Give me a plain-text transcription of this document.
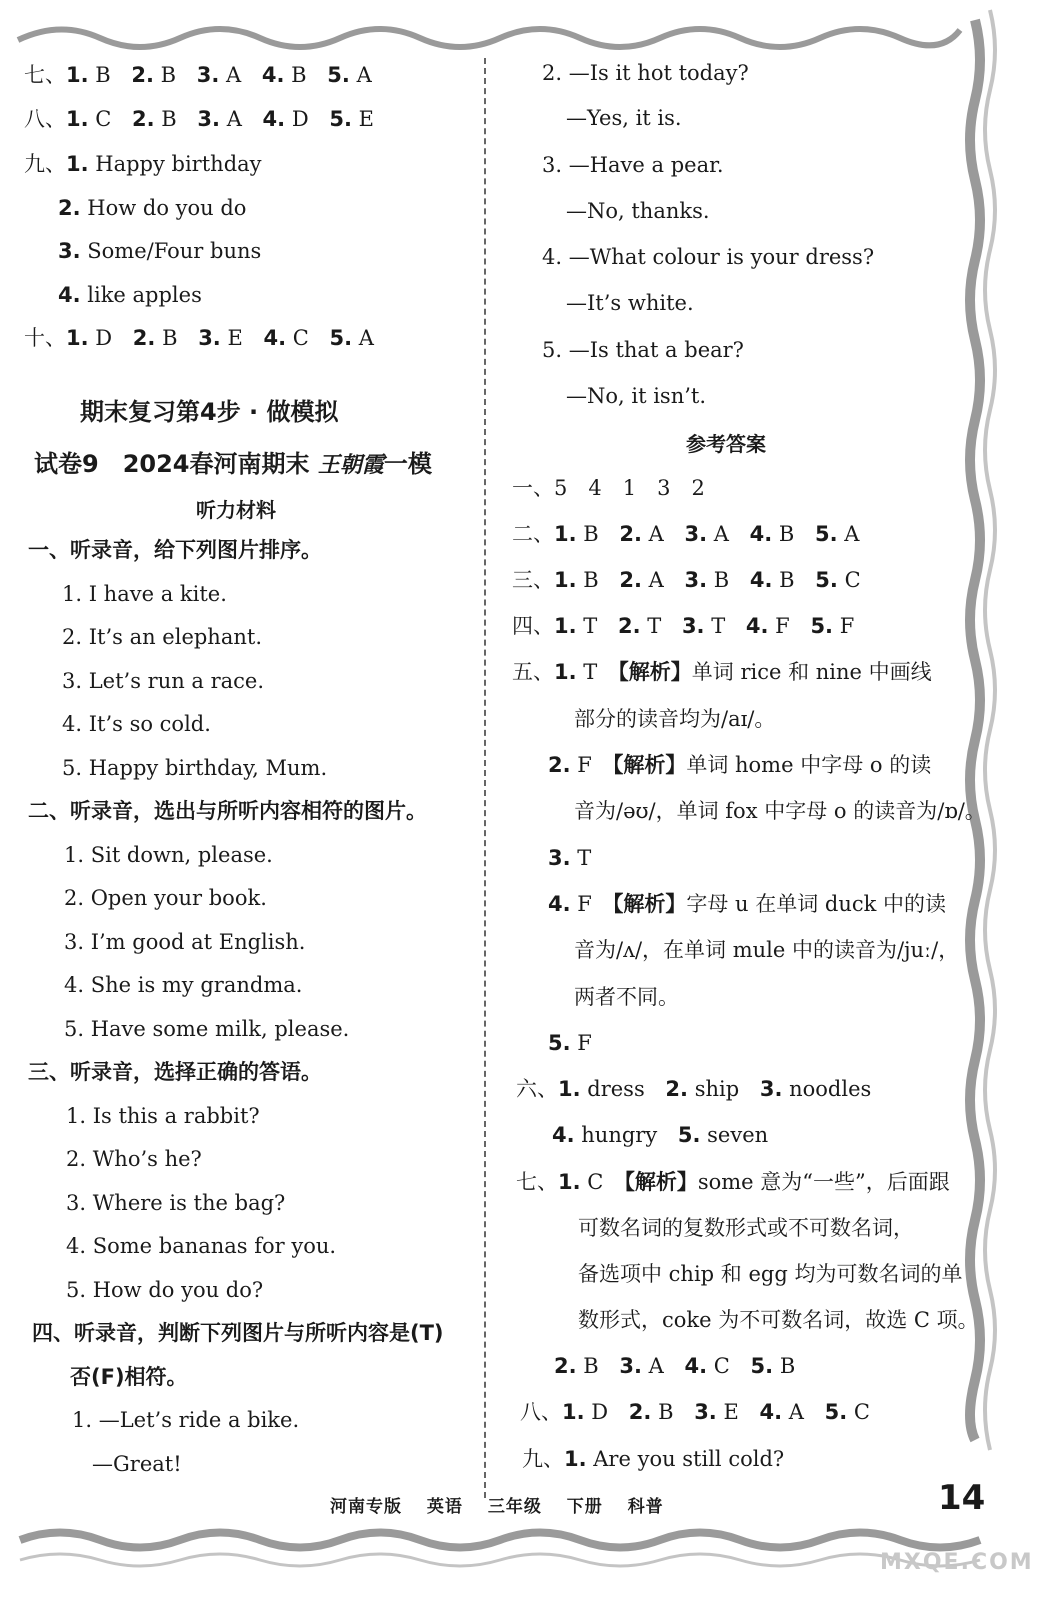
七、1. B 2. B 3. A 4. B 5. A
八、1. C 2. B 3. A 4. D 5. E
九、1. Happy birthday
2. How do you do
3. Some/Four buns
4. like apples
十、1. D 2. B 3. E 4. C 5. A
期末复习第4步 · 做模拟
试卷9　2024春河南期末 王朝霞一模
听力材料
一、听录音，给下列图片排序。
1. I have a kite.
2. It’s an elephant.
3. Let’s run a race.
4. It’s so cold.
5. Happy birthday, Mum.
二、听录音，选出与所听内容相符的图片。
1. Sit down, please.
2. Open your book.
3. I’m good at English.
4. She is my grandma.
5. Have some milk, please.
三、听录音，选择正确的答语。
1. Is this a rabbit?
2. Who’s he?
3. Where is the bag?
4. Some bananas for you.
5. How do you do?
四、听录音，判断下列图片与所听内容是(T)
否(F)相符。
1. —Let’s ride a bike.
—Great!
2. —Is it hot today?
—Yes, it is.
3. —Have a pear.
—No, thanks.
4. —What colour is your dress?
—It’s white.
5. —Is that a bear?
—No, it isn’t.
参考答案
一、5　4　1　3　2
二、1. B 2. A 3. A 4. B 5. A
三、1. B 2. A 3. B 4. B 5. C
四、1. T 2. T 3. T 4. F 5. F
五、1. T　【解析】单词 rice 和 nine 中画线
部分的读音均为/aɪ/。
2. F　【解析】单词 home 中字母 o 的读
音为/əʊ/，单词 fox 中字母 o 的读音为/ɒ/。
3. T
4. F　【解析】字母 u 在单词 duck 中的读
音为/ʌ/，在单词 mule 中的读音为/juː/，
两者不同。
5. F
六、1. dress 2. ship 3. noodles
4. hungry 5. seven
七、1. C　【解析】some 意为“一些”，后面跟
可数名词的复数形式或不可数名词，
备选项中 chip 和 egg 均为可数名词的单
数形式，coke 为不可数名词，故选 C 项。
2. B 3. A 4. C 5. B
八、1. D 2. B 3. E 4. A 5. C
九、1. Are you still cold?
河南专版 英语 三年级 下册 科普	14
MXQE.COM
